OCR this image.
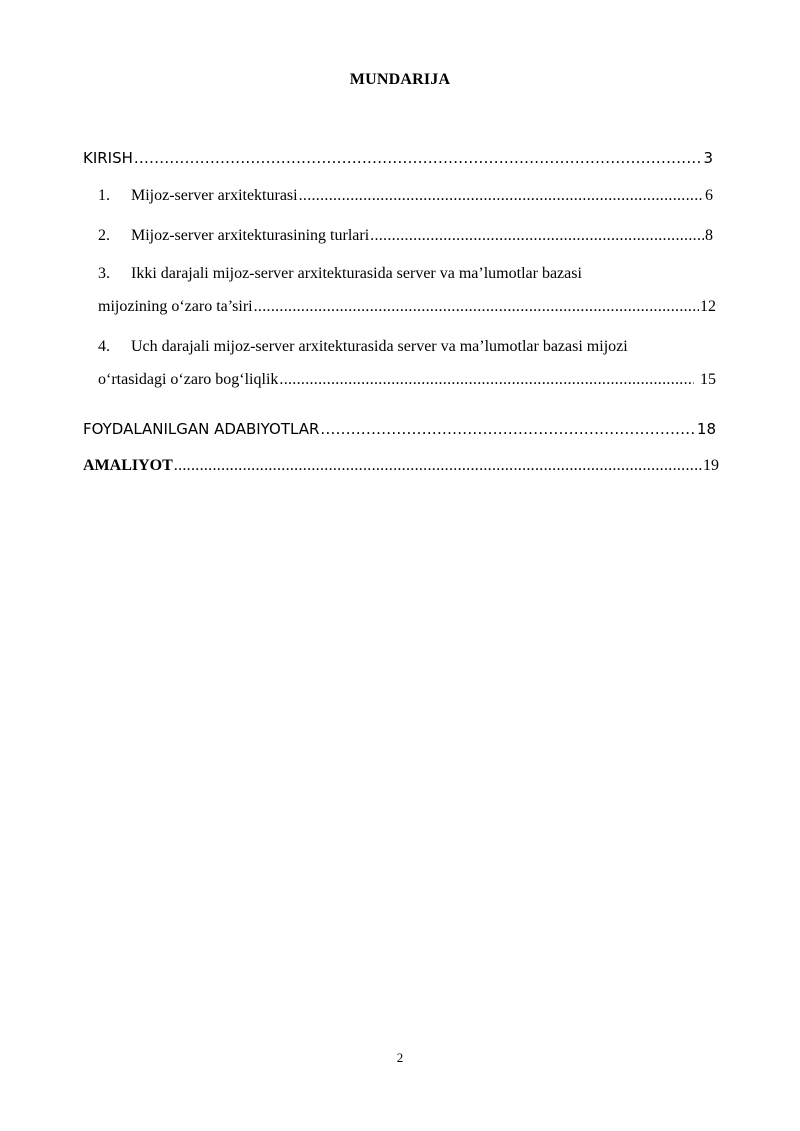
MUNDARIJA
KIRISH .....	3
1.	Mijoz-server arxitekturasi .....	6
2.	Mijoz-server arxitekturasining turlari .....	8
3. Ikki darajali mijoz-server arxitekturasida server va ma’lumotlar bazasi
mijozining o‘zaro ta’siri .....	12
4. Uch darajali mijoz-server arxitekturasida server va ma’lumotlar bazasi mijozi
o‘rtasidagi o‘zaro bog‘liqlik .....	15
FOYDALANILGAN ADABIYOTLAR .....	18
AMALIYOT .....	19
2
